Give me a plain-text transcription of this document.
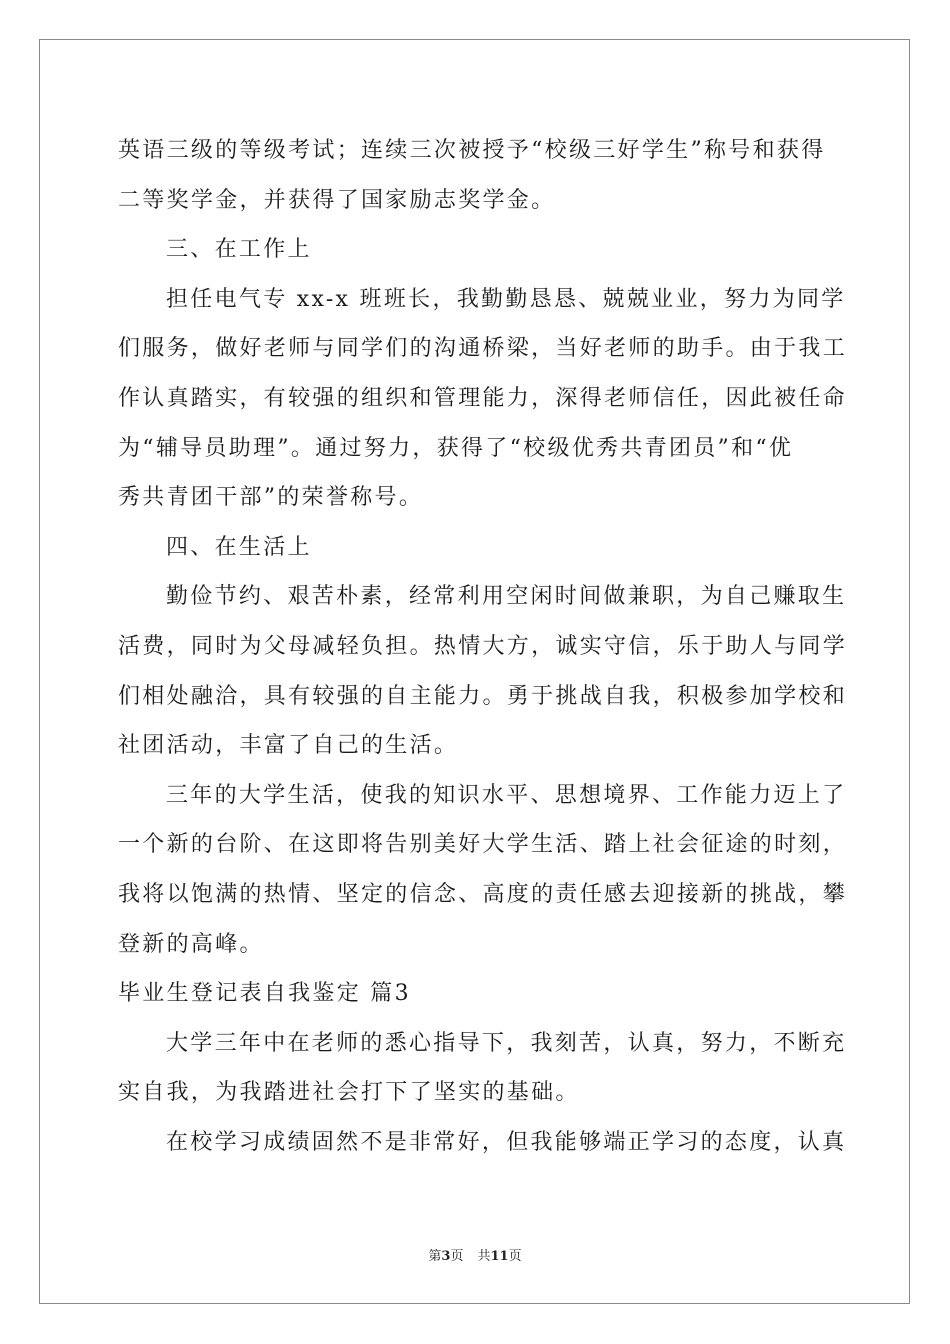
英语三级的等级考试；连续三次被授予“校级三好学生”称号和获得
二等奖学金，并获得了国家励志奖学金。
三、在工作上
担任电气专 xx-x 班班长，我勤勤恳恳、兢兢业业，努力为同学
们服务，做好老师与同学们的沟通桥梁，当好老师的助手。由于我工
作认真踏实，有较强的组织和管理能力，深得老师信任，因此被任命
为“辅导员助理”。通过努力，获得了“校级优秀共青团员”和“优
秀共青团干部”的荣誉称号。
四、在生活上
勤俭节约、艰苦朴素，经常利用空闲时间做兼职，为自己赚取生
活费，同时为父母减轻负担。热情大方，诚实守信，乐于助人与同学
们相处融洽，具有较强的自主能力。勇于挑战自我，积极参加学校和
社团活动，丰富了自己的生活。
三年的大学生活，使我的知识水平、思想境界、工作能力迈上了
一个新的台阶、在这即将告别美好大学生活、踏上社会征途的时刻，
我将以饱满的热情、坚定的信念、高度的责任感去迎接新的挑战，攀
登新的高峰。
毕业生登记表自我鉴定 篇3
大学三年中在老师的悉心指导下，我刻苦，认真，努力，不断充
实自我，为我踏进社会打下了坚实的基础。
在校学习成绩固然不是非常好，但我能够端正学习的态度，认真
第3页 共11页
